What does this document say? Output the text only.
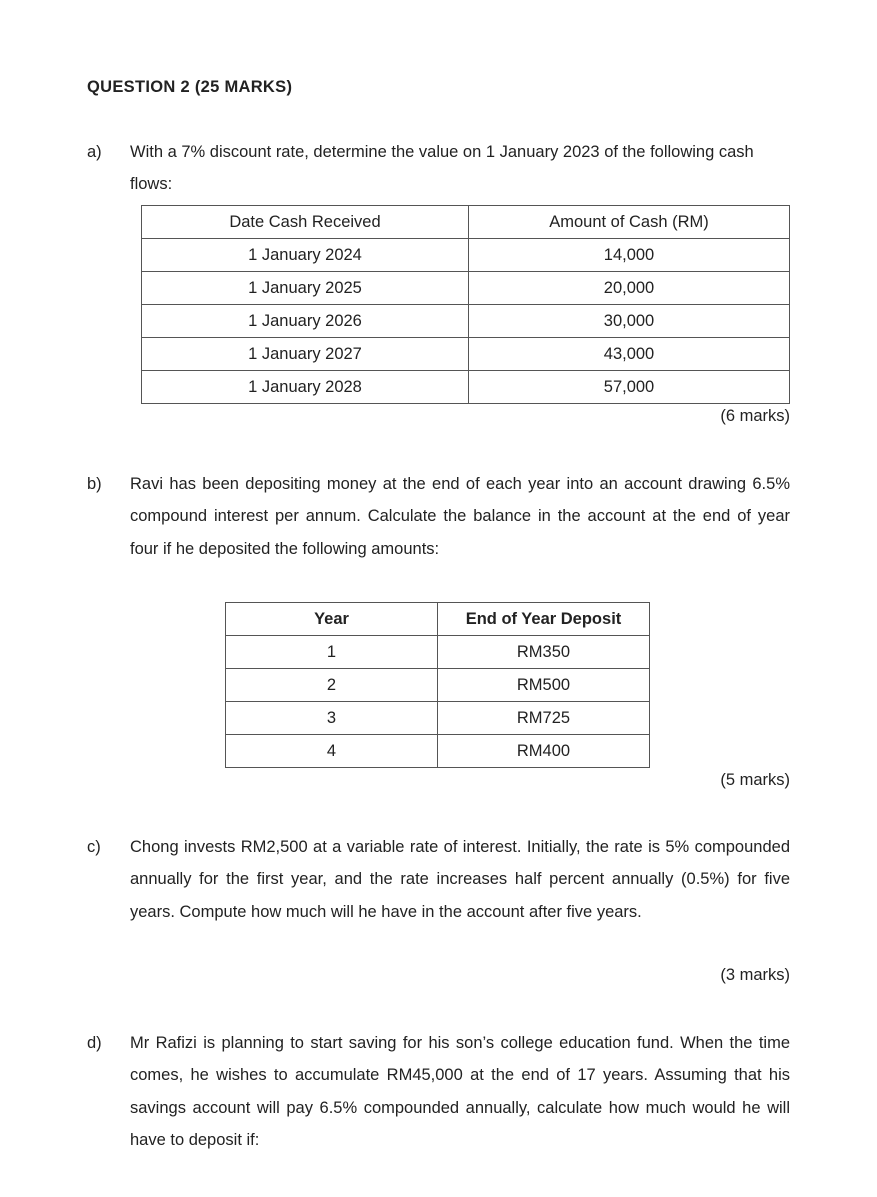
QUESTION 2 (25 MARKS)
a) With a 7% discount rate, determine the value on 1 January 2023 of the following cash flows:
Date Cash Received	Amount of Cash (RM)
1 January 2024	14,000
1 January 2025	20,000
1 January 2026	30,000
1 January 2027	43,000
1 January 2028	57,000
(6 marks)
b) Ravi has been depositing money at the end of each year into an account drawing 6.5% compound interest per annum. Calculate the balance in the account at the end of year four if he deposited the following amounts:
Year	End of Year Deposit
1	RM350
2	RM500
3	RM725
4	RM400
(5 marks)
c) Chong invests RM2,500 at a variable rate of interest. Initially, the rate is 5% compounded annually for the first year, and the rate increases half percent annually (0.5%) for five years. Compute how much will he have in the account after five years.
(3 marks)
d) Mr Rafizi is planning to start saving for his son’s college education fund. When the time comes, he wishes to accumulate RM45,000 at the end of 17 years. Assuming that his savings account will pay 6.5% compounded annually, calculate how much would he will have to deposit if:
